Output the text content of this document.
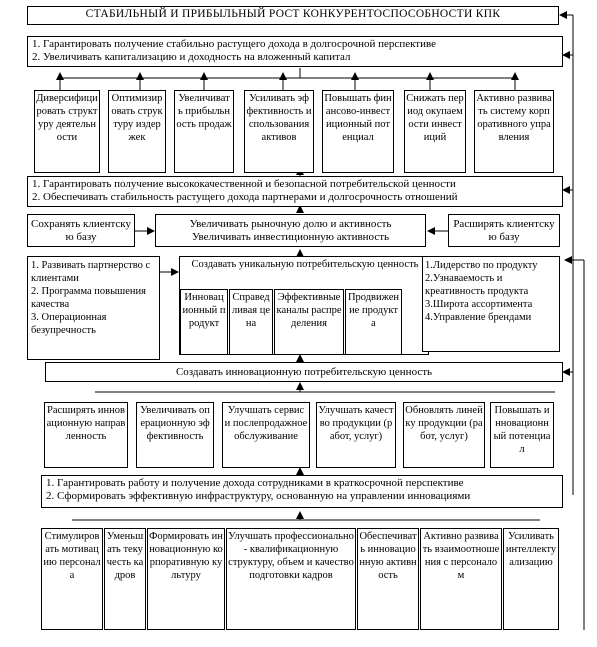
СТАБИЛЬНЫЙ И ПРИБЫЛЬНЫЙ РОСТ КОНКУРЕНТОСПОСОБНОСТИ КПК
1. Гарантировать получение стабильно растущего дохода в долгосрочной перспективе
2. Увеличивать капитализацию и доходность на вложенный капитал
Диверсифицировать структуру деятельности
Оптимизировать структуру издержек
Увеличивать прибыльность продаж
Усиливать эффективность использования активов
Повышать финансово-инвестиционный потенциал
Снижать период окупаемости инвестиций
Активно развивать систему корпоративного управления
1. Гарантировать получение высококачественной и безопасной потребительской ценности
2. Обеспечивать стабильность растущего дохода партнерами и долгосрочность отношений
Сохранять клиентскую базу
Увеличивать рыночную долю и активность
Увеличивать инвестиционную активность
Расширять клиентскую базу
1. Развивать партнерство с клиентами
2. Программа повышения качества
3. Операционная безупречность
Создавать уникальную потребительскую ценность
Инновационный продукт
Справедливая цена
Эффективные каналы распределения
Продвижение продукта
1.Лидерство по продукту
2.Узнаваемость и креативность продукта
3.Широта ассортимента
4.Управление брендами
Создавать инновационную потребительскую ценность
Расширять инновационную направленность
Увеличивать операционную эффективность
Улучшать сервис и послепродажное обслуживание
Улучшать качество продукции (работ, услуг)
Обновлять линейку продукции (работ, услуг)
Повышать инновационный потенциал
1. Гарантировать работу и получение дохода сотрудниками в краткосрочной перспективе
2. Сформировать эффективную инфраструктуру, основанную на управлении инновациями
Стимулировать мотивацию персонала
Уменьшать текучесть кадров
Формировать инновационную корпоративную культуру
Улучшать профессионально - квалификационную структуру, объем и качество подготовки кадров
Обеспечивать инновационную активность
Активно развивать взаимоотношения с персоналом
Усиливать интеллектуализацию
